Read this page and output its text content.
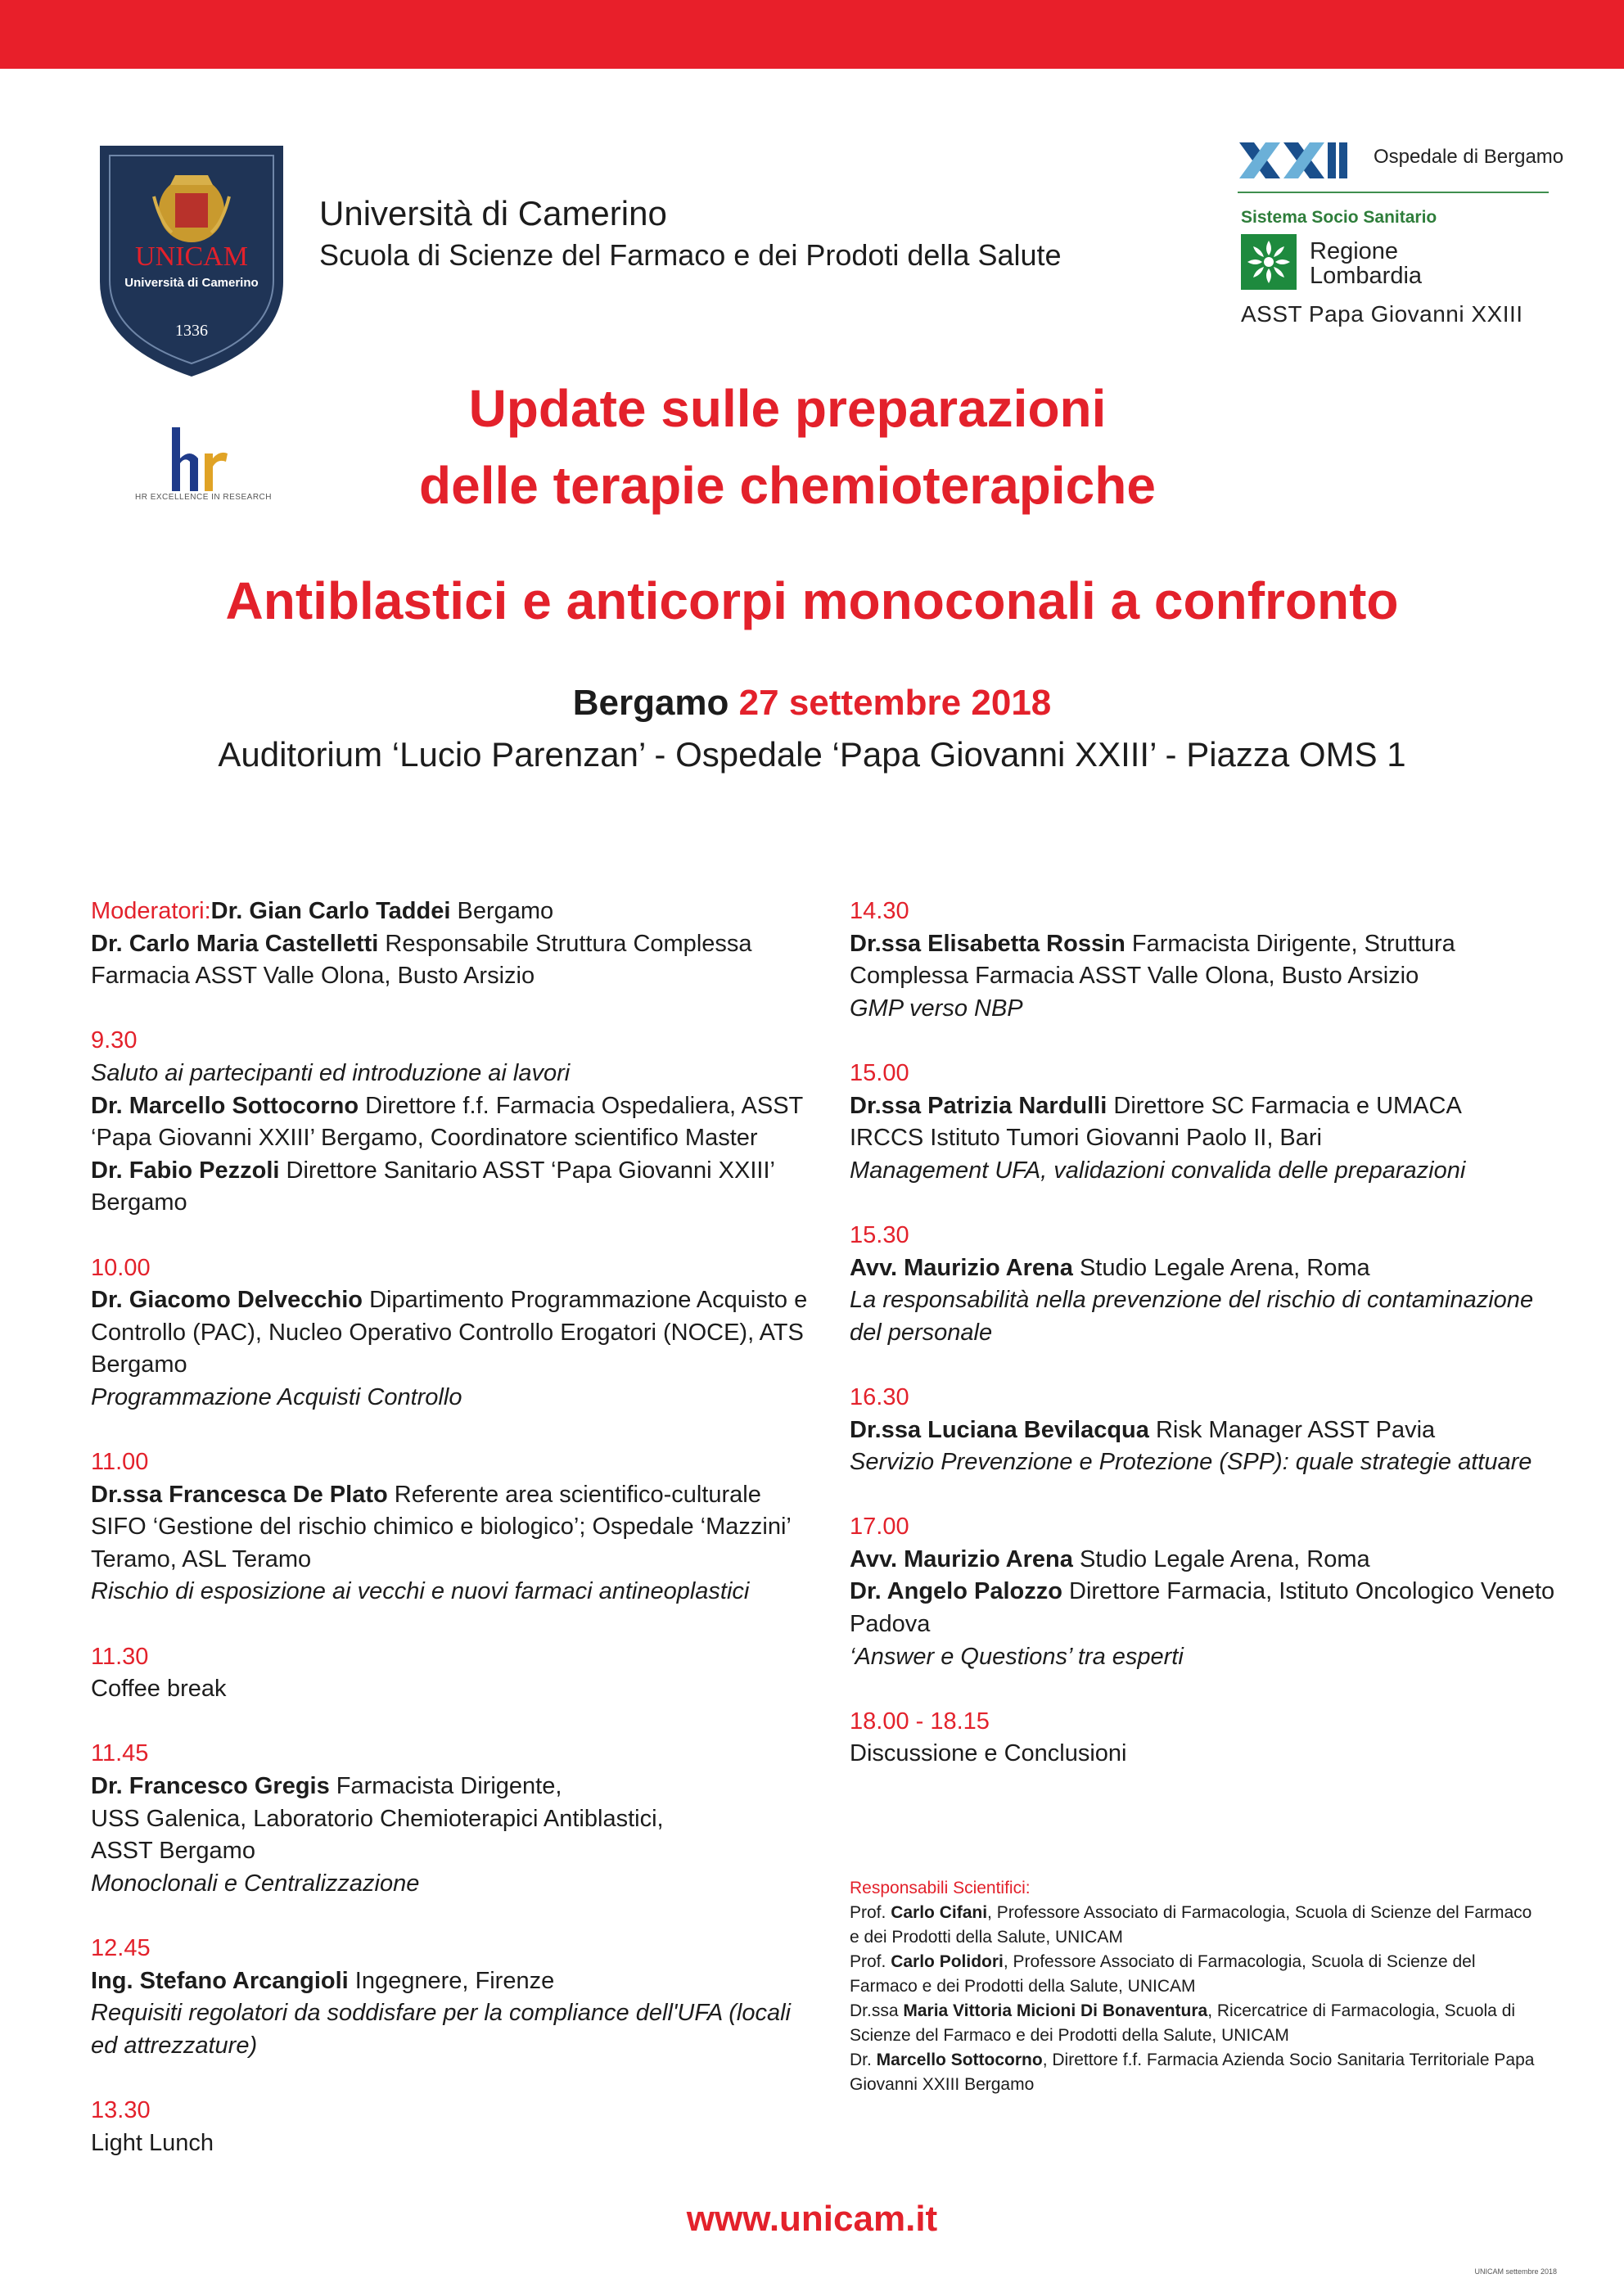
UNICAM
Università di Camerino
1336
Università di Camerino
Scuola di Scienze del Farmaco e dei Prodoti della Salute
HR EXCELLENCE IN RESEARCH
Ospedale di Bergamo
Sistema Socio Sanitario
Regione
Lombardia
ASST Papa Giovanni XXIII
Update sulle preparazioni
delle terapie chemioterapiche
Antiblastici e anticorpi monoconali a confronto
Bergamo 27 settembre 2018
Auditorium ‘Lucio Parenzan’ - Ospedale ‘Papa Giovanni XXIII’ - Piazza OMS 1
Moderatori:Dr. Gian Carlo Taddei Bergamo
Dr. Carlo Maria Castelletti Responsabile Struttura Complessa Farmacia ASST Valle Olona, Busto Arsizio
9.30
Saluto ai partecipanti ed introduzione ai lavori
Dr. Marcello Sottocorno Direttore f.f. Farmacia Ospedaliera, ASST ‘Papa Giovanni XXIII’ Bergamo, Coordinatore scientifico Master
Dr. Fabio Pezzoli Direttore Sanitario ASST ‘Papa Giovanni XXIII’ Bergamo
10.00
Dr. Giacomo Delvecchio Dipartimento Programmazione Acquisto e Controllo (PAC), Nucleo Operativo Controllo Erogatori (NOCE), ATS Bergamo
Programmazione Acquisti Controllo
11.00
Dr.ssa Francesca De Plato Referente area scientifico-culturale SIFO ‘Gestione del rischio chimico e biologico’; Ospedale ‘Mazzini’ Teramo, ASL Teramo
Rischio di esposizione ai vecchi e nuovi farmaci antineoplastici
11.30
Coffee break
11.45
Dr. Francesco Gregis Farmacista Dirigente,
USS Galenica, Laboratorio Chemioterapici Antiblastici,
ASST Bergamo
Monoclonali e Centralizzazione
12.45
Ing. Stefano Arcangioli Ingegnere, Firenze
Requisiti regolatori da soddisfare per la compliance dell'UFA (locali ed attrezzature)
13.30
Light Lunch
14.30
Dr.ssa Elisabetta Rossin Farmacista Dirigente, Struttura Complessa Farmacia ASST Valle Olona, Busto Arsizio
GMP verso NBP
15.00
Dr.ssa Patrizia Nardulli Direttore SC Farmacia e UMACA
IRCCS Istituto Tumori Giovanni Paolo II, Bari
Management UFA, validazioni convalida delle preparazioni
15.30
Avv. Maurizio Arena Studio Legale Arena, Roma
La responsabilità nella prevenzione del rischio di contaminazione del personale
16.30
Dr.ssa Luciana Bevilacqua Risk Manager ASST Pavia
Servizio Prevenzione e Protezione (SPP): quale strategie attuare
17.00
Avv. Maurizio Arena Studio Legale Arena, Roma
Dr. Angelo Palozzo Direttore Farmacia, Istituto Oncologico Veneto Padova
‘Answer e Questions’ tra esperti
18.00 - 18.15
Discussione e Conclusioni
Responsabili Scientifici:
Prof. Carlo Cifani, Professore Associato di Farmacologia, Scuola di Scienze del Farmaco e dei Prodotti della Salute, UNICAM
Prof. Carlo Polidori, Professore Associato di Farmacologia, Scuola di Scienze del Farmaco e dei Prodotti della Salute, UNICAM
Dr.ssa Maria Vittoria Micioni Di Bonaventura, Ricercatrice di Farmacologia, Scuola di Scienze del Farmaco e dei Prodotti della Salute, UNICAM
Dr. Marcello Sottocorno, Direttore f.f. Farmacia Azienda Socio Sanitaria Territoriale Papa Giovanni XXIII Bergamo
www.unicam.it
UNICAM settembre 2018
